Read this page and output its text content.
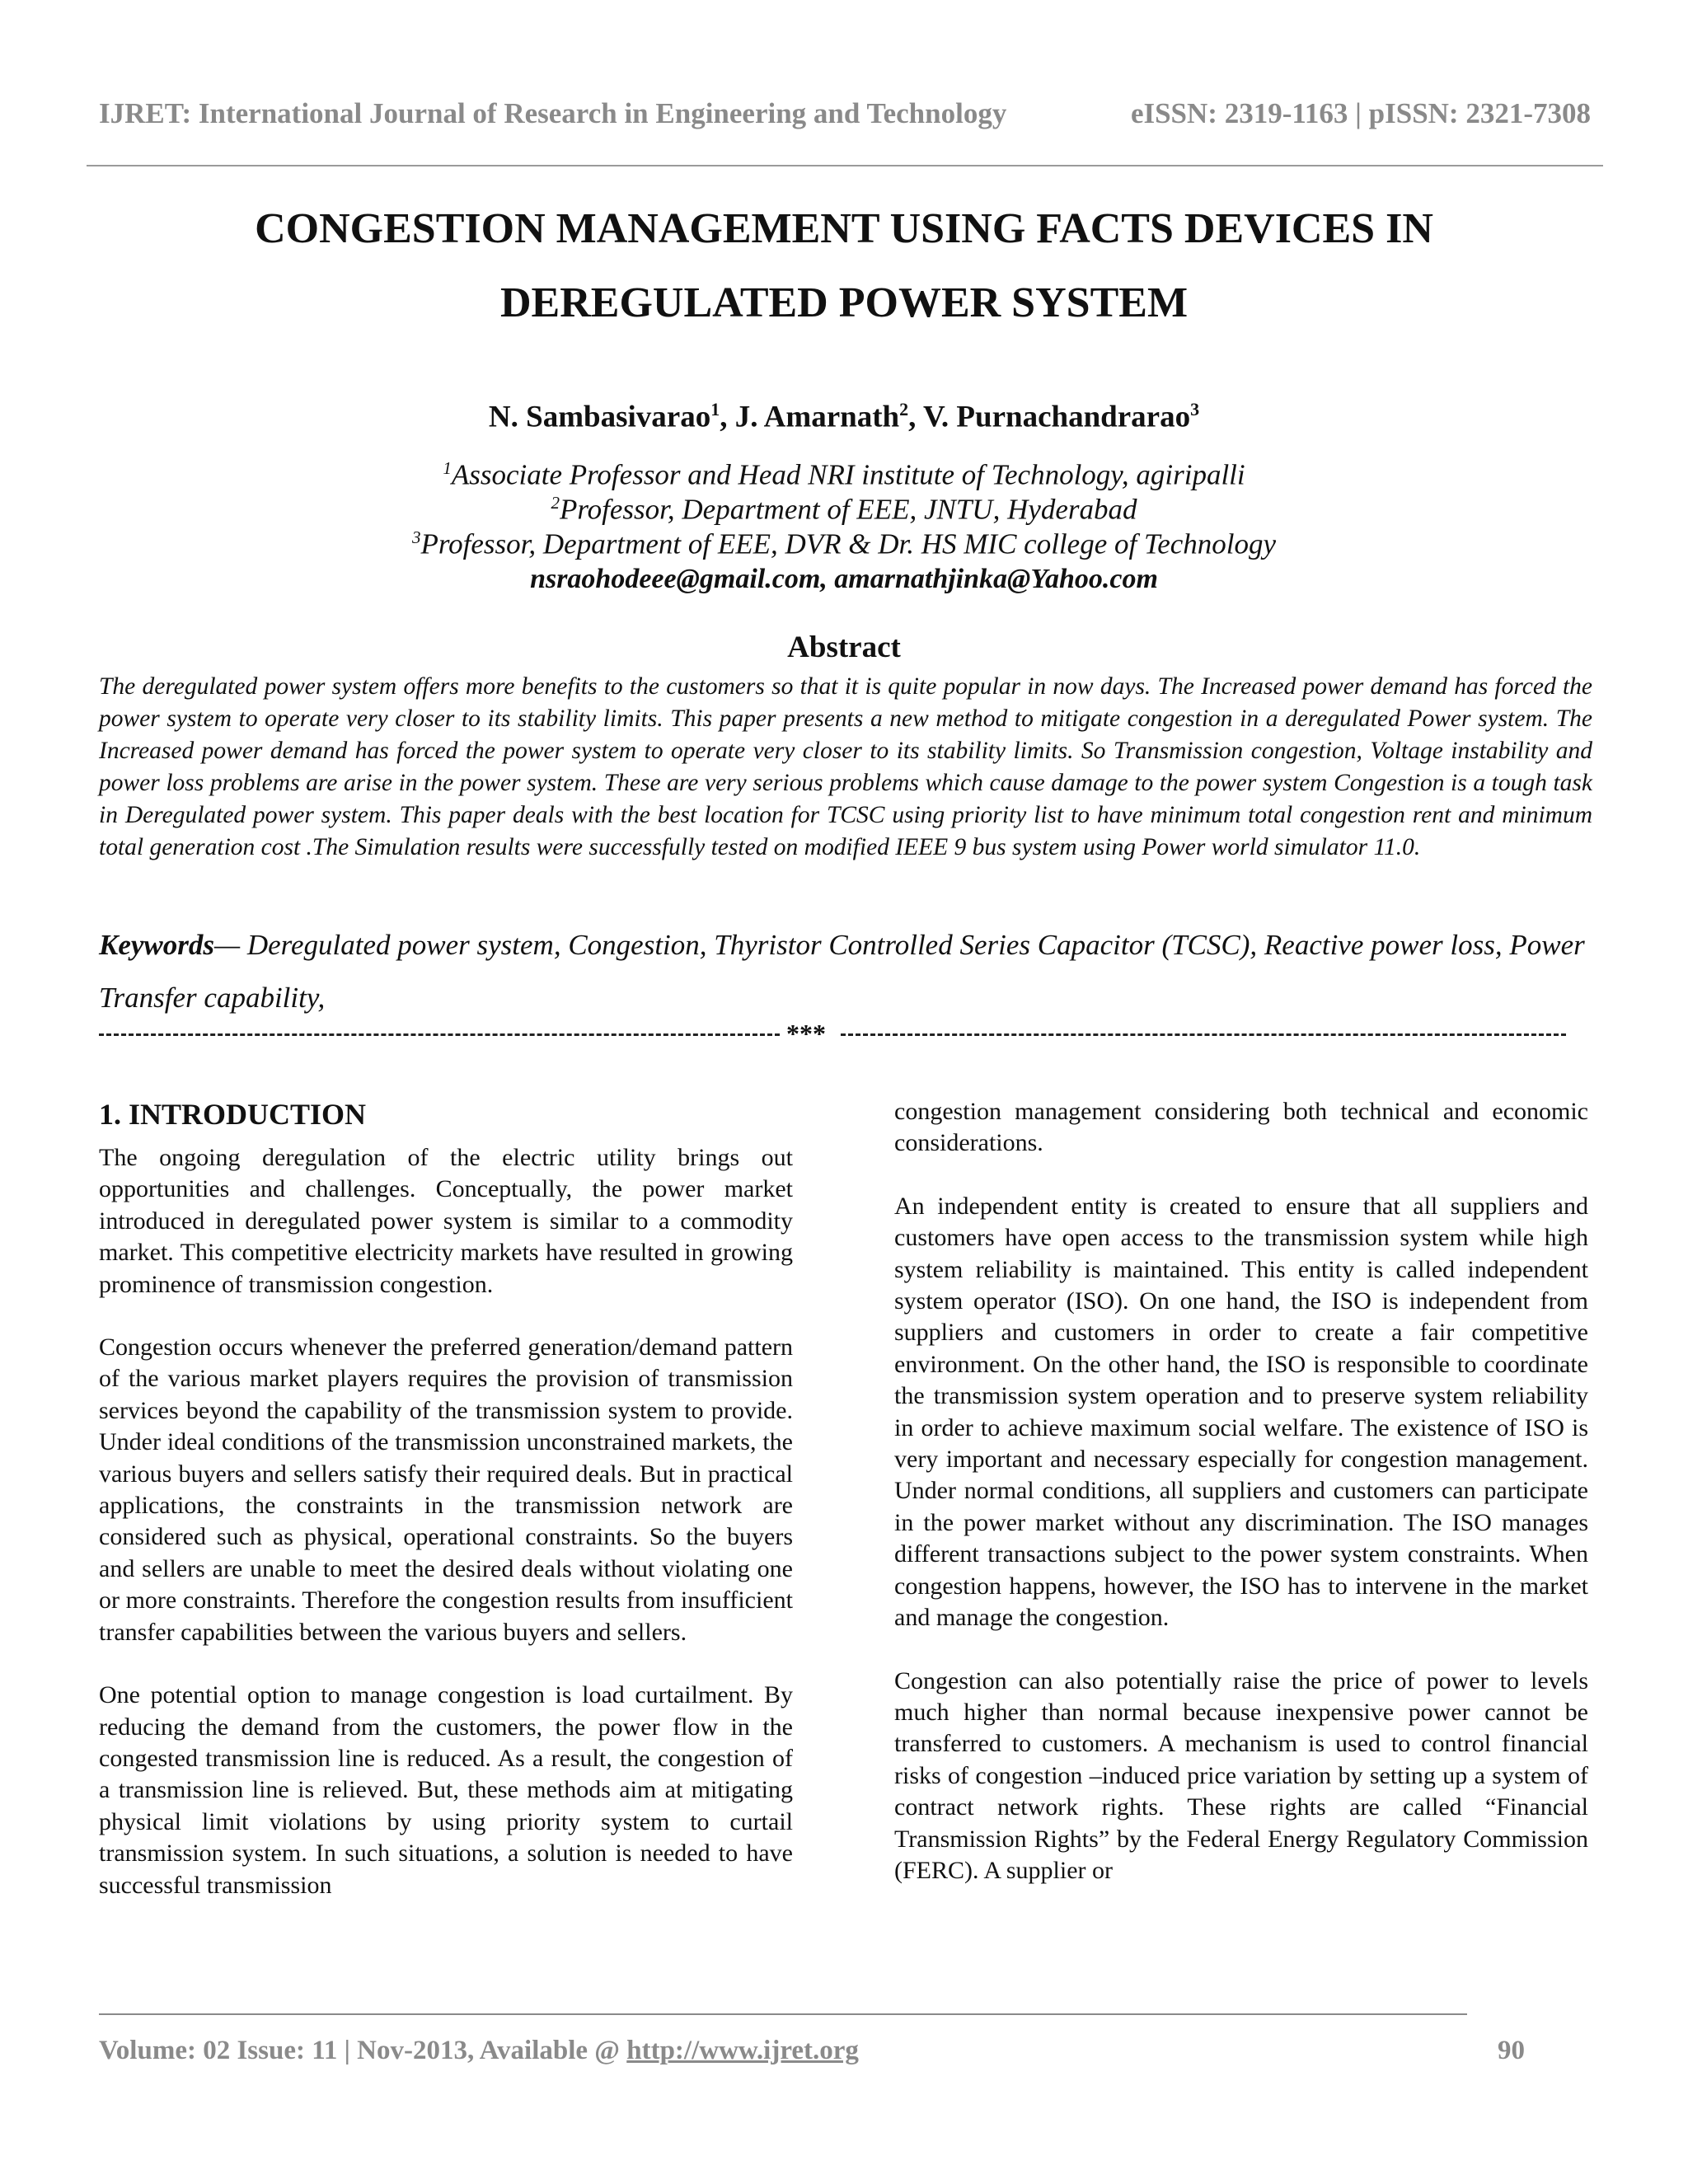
IJRET: International Journal of Research in Engineering and Technology	eISSN: 2319-1163 | pISSN: 2321-7308
CONGESTION MANAGEMENT USING FACTS DEVICES IN
DEREGULATED POWER SYSTEM
N. Sambasivarao$^1$, J. Amarnath$^2$, V. Purnachandrarao$^3$
$^1$Associate Professor and Head NRI institute of Technology, agiripalli
$^2$Professor, Department of EEE, JNTU, Hyderabad
$^3$Professor, Department of EEE, DVR & Dr. HS MIC college of Technology
nsraohodeee@gmail.com, amarnathjinka@Yahoo.com
Abstract
The deregulated power system offers more benefits to the customers so that it is quite popular in now days. The Increased power demand has forced the power system to operate very closer to its stability limits. This paper presents a new method to mitigate congestion in a deregulated Power system. The Increased power demand has forced the power system to operate very closer to its stability limits. So Transmission congestion, Voltage instability and power loss problems are arise in the power system. These are very serious problems which cause damage to the power system Congestion is a tough task in Deregulated power system. This paper deals with the best location for TCSC using priority list to have minimum total congestion rent and minimum total generation cost .The Simulation results were successfully tested on modified IEEE 9 bus system using Power world simulator 11.0.
Keywords— Deregulated power system, Congestion, Thyristor Controlled Series Capacitor (TCSC), Reactive power loss, Power Transfer capability,
***
1. INTRODUCTION

The ongoing deregulation of the electric utility brings out opportunities and challenges. Conceptually, the power market introduced in deregulated power system is similar to a commodity market. This competitive electricity markets have resulted in growing prominence of transmission congestion.

Congestion occurs whenever the preferred generation/demand pattern of the various market players requires the provision of transmission services beyond the capability of the transmission system to provide. Under ideal conditions of the transmission unconstrained markets, the various buyers and sellers satisfy their required deals. But in practical applications, the constraints in the transmission network are considered such as physical, operational constraints. So the buyers and sellers are unable to meet the desired deals without violating one or more constraints. Therefore the congestion results from insufficient transfer capabilities between the various buyers and sellers.

One potential option to manage congestion is load curtailment. By reducing the demand from the customers, the power flow in the congested transmission line is reduced. As a result, the congestion of a transmission line is relieved. But, these methods aim at mitigating physical limit violations by using priority system to curtail transmission system. In such situations, a solution is needed to have successful transmission

congestion management considering both technical and economic considerations.

An independent entity is created to ensure that all suppliers and customers have open access to the transmission system while high system reliability is maintained. This entity is called independent system operator (ISO). On one hand, the ISO is independent from suppliers and customers in order to create a fair competitive environment. On the other hand, the ISO is responsible to coordinate the transmission system operation and to preserve system reliability in order to achieve maximum social welfare. The existence of ISO is very important and necessary especially for congestion management. Under normal conditions, all suppliers and customers can participate in the power market without any discrimination. The ISO manages different transactions subject to the power system constraints. When congestion happens, however, the ISO has to intervene in the market and manage the congestion.

Congestion can also potentially raise the price of power to levels much higher than normal because inexpensive power cannot be transferred to customers. A mechanism is used to control financial risks of congestion –induced price variation by setting up a system of contract network rights. These rights are called “Financial Transmission Rights” by the Federal Energy Regulatory Commission (FERC). A supplier or

Volume: 02 Issue: 11 | Nov-2013, Available @ http://www.ijret.org	90
